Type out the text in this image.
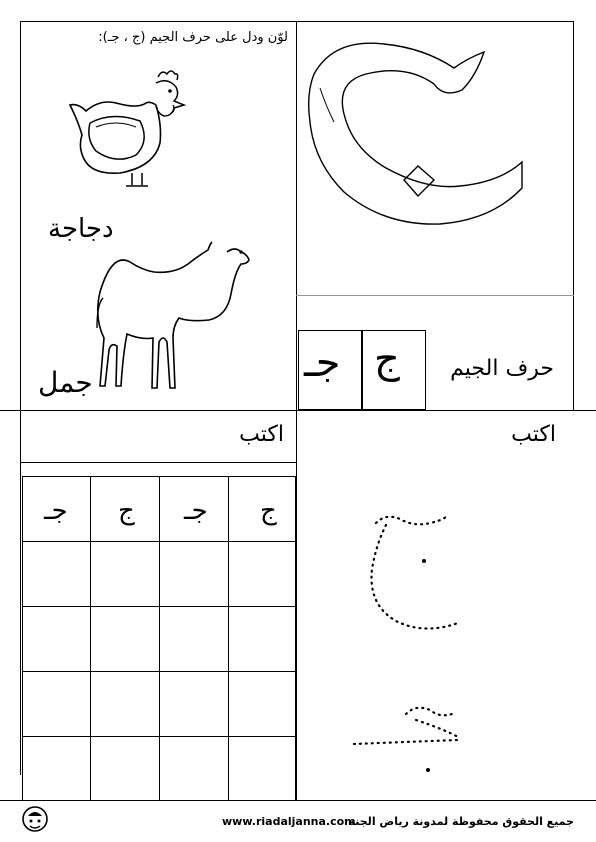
لوّن ودل على حرف الجيم (ج ، جـ):
دجاجة
جمل	جـ ج حرف الجيم
اكتب
ج
جـ
ج
جـ
اكتب
جميع الحقوق محفوظة لمدونة رياض الجنة
www.riadaljanna.com
